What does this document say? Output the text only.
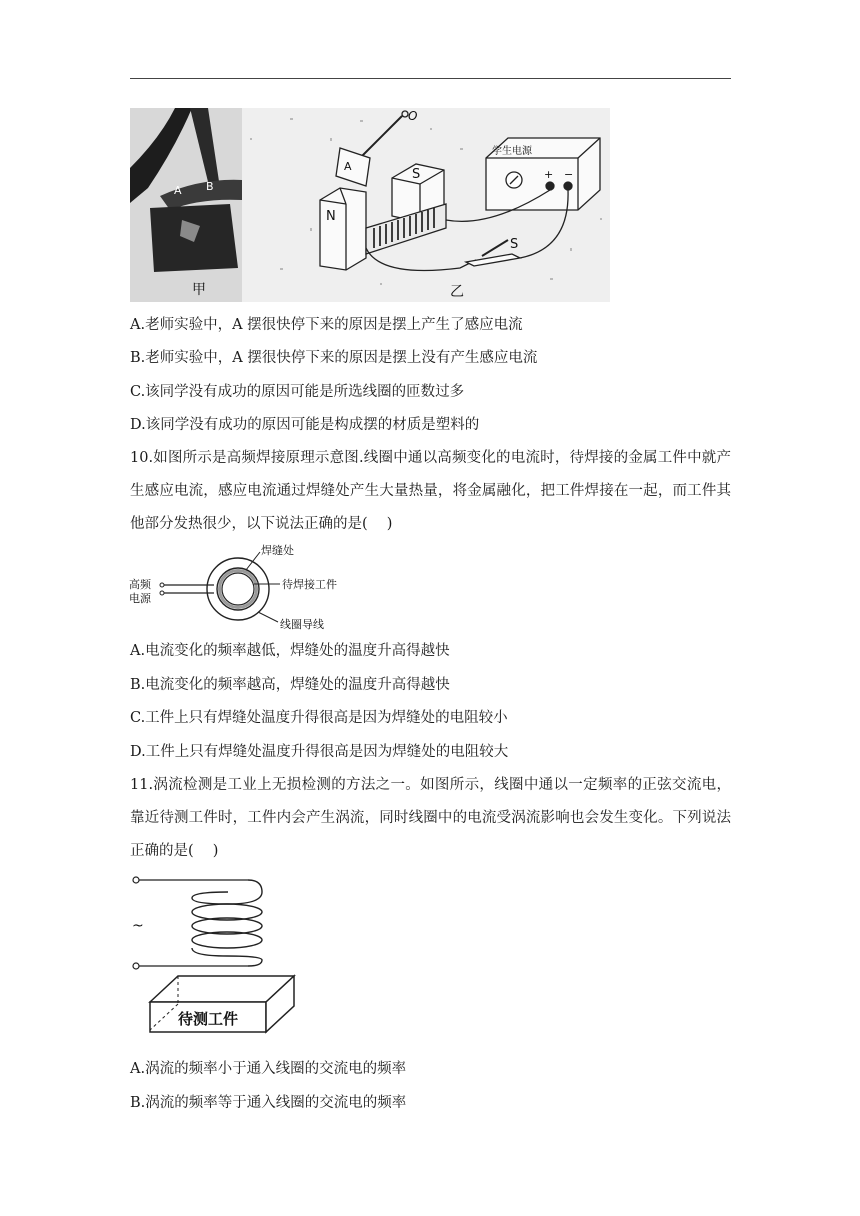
A B
甲
A
O
N
S
学生电源
+ −
S
乙
A.老师实验中，A 摆很快停下来的原因是摆上产生了感应电流
B.老师实验中，A 摆很快停下来的原因是摆上没有产生感应电流
C.该同学没有成功的原因可能是所选线圈的匝数过多
D.该同学没有成功的原因可能是构成摆的材质是塑料的
10.如图所示是高频焊接原理示意图.线圈中通以高频变化的电流时，待焊接的金属工件中就产生感应电流，感应电流通过焊缝处产生大量热量，将金属融化，把工件焊接在一起，而工件其他部分发热很少，以下说法正确的是(　 )
高频
电源
焊缝处
待焊接工件
线圈导线
A.电流变化的频率越低，焊缝处的温度升高得越快
B.电流变化的频率越高，焊缝处的温度升高得越快
C.工件上只有焊缝处温度升得很高是因为焊缝处的电阻较小
D.工件上只有焊缝处温度升得很高是因为焊缝处的电阻较大
11.涡流检测是工业上无损检测的方法之一。如图所示，线圈中通以一定频率的正弦交流电，靠近待测工件时，工件内会产生涡流，同时线圈中的电流受涡流影响也会发生变化。下列说法正确的是(　 )
~
待测工件
A.涡流的频率小于通入线圈的交流电的频率
B.涡流的频率等于通入线圈的交流电的频率
